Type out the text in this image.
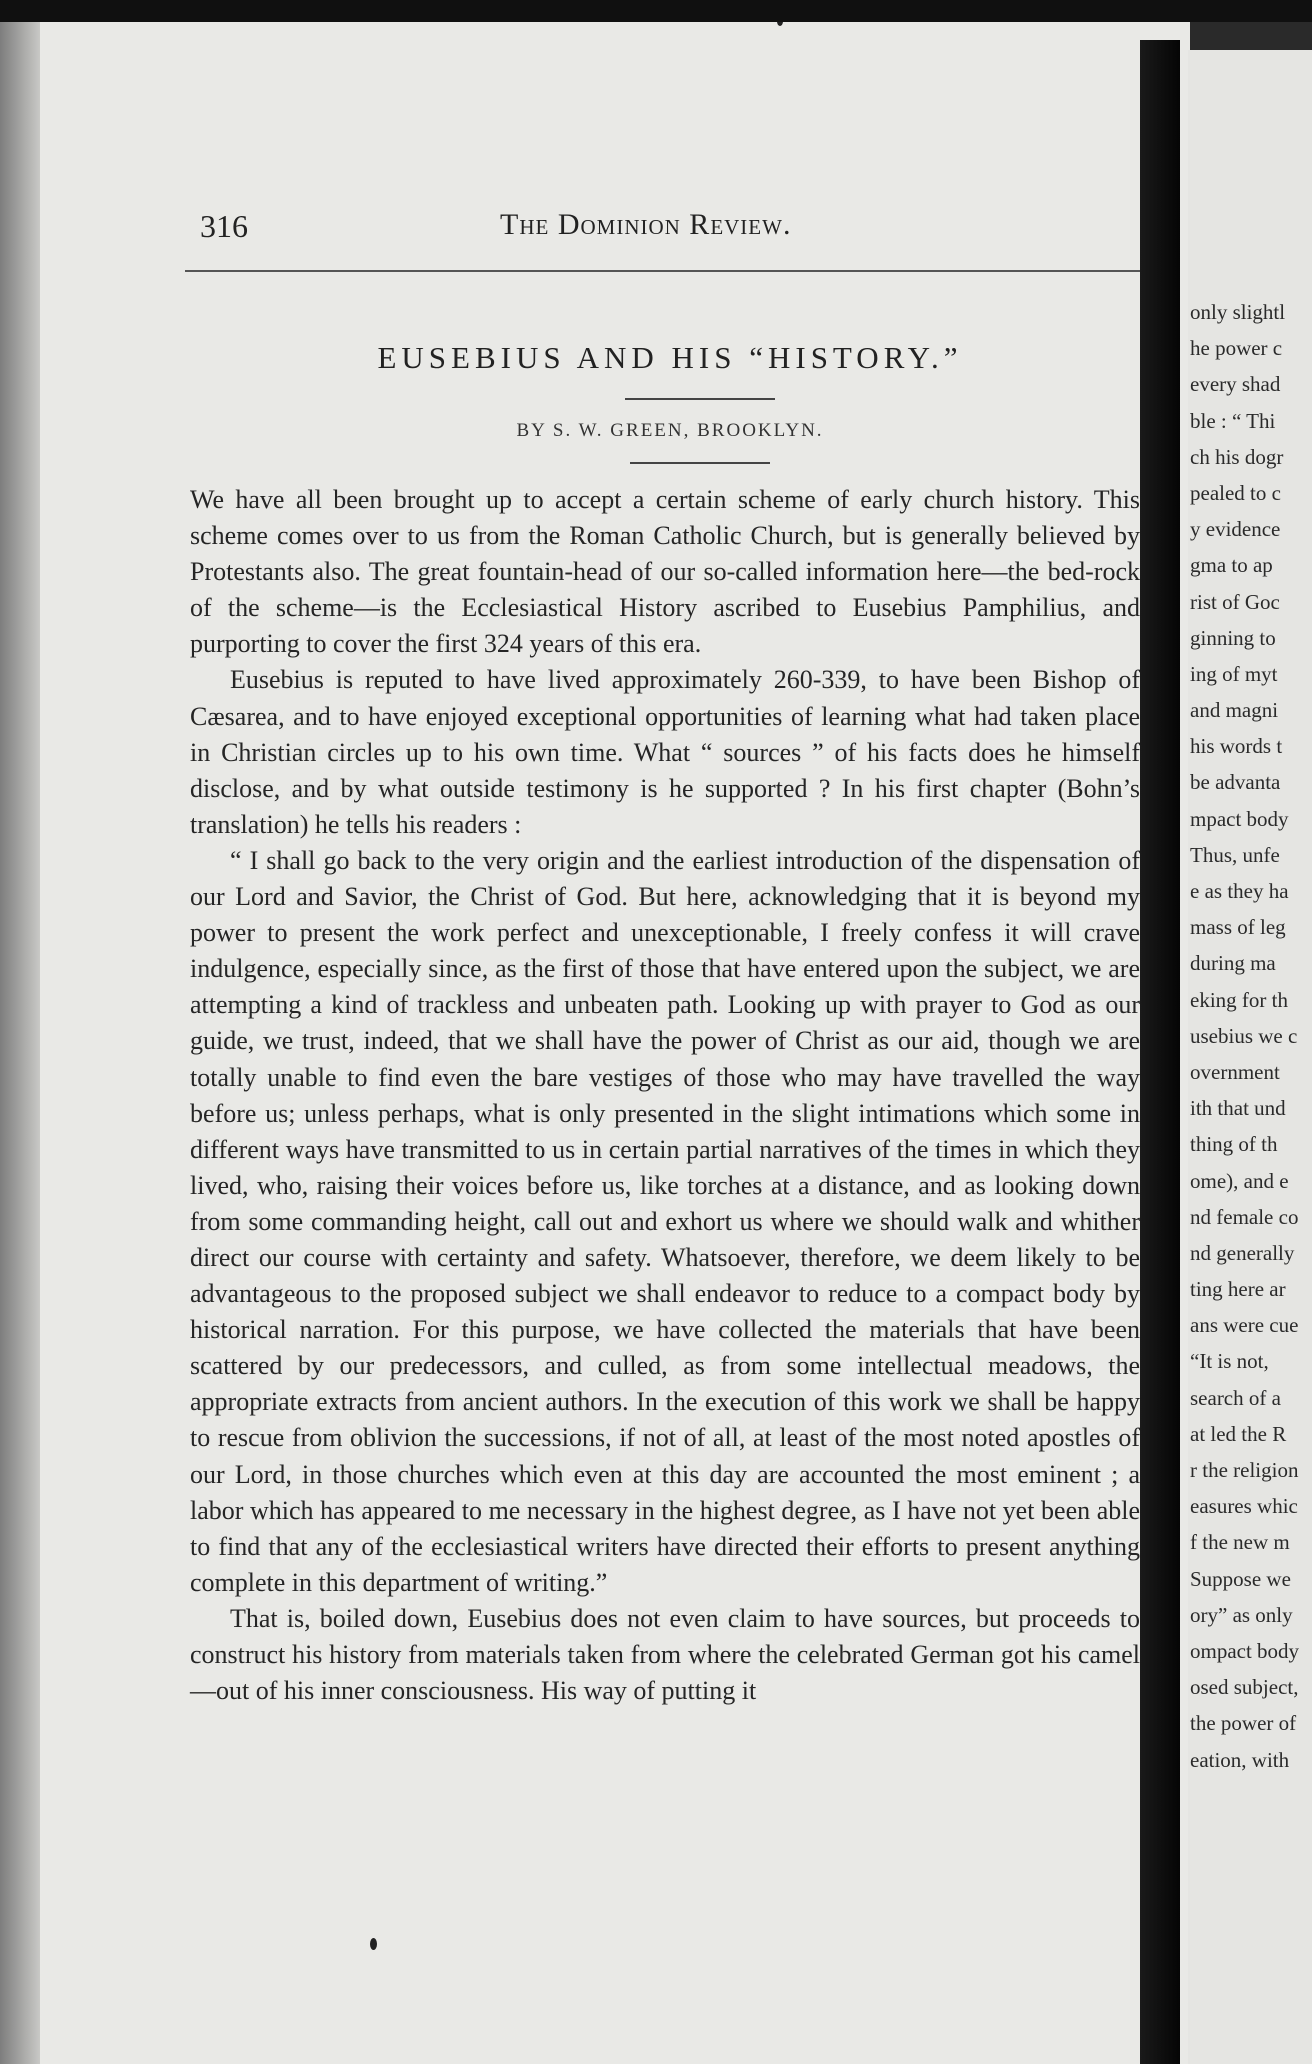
316	The Dominion Review.
EUSEBIUS AND HIS “HISTORY.”
BY S. W. GREEN, BROOKLYN.

We have all been brought up to accept a certain scheme of early church history. This scheme comes over to us from the Roman Catholic Church, but is generally believed by Protestants also. The great fountain-head of our so-called information here—the bed-rock of the scheme—is the Ecclesiastical History ascribed to Eusebius Pamphilius, and purporting to cover the first 324 years of this era.

Eusebius is reputed to have lived approximately 260-339, to have been Bishop of Cæsarea, and to have enjoyed exceptional opportunities of learning what had taken place in Christian circles up to his own time. What “ sources ” of his facts does he himself disclose, and by what outside testimony is he supported ? In his first chapter (Bohn’s translation) he tells his readers :

“ I shall go back to the very origin and the earliest introduction of the dispensation of our Lord and Savior, the Christ of God. But here, acknowledging that it is beyond my power to present the work perfect and unexceptionable, I freely confess it will crave indulgence, especially since, as the first of those that have entered upon the subject, we are attempting a kind of trackless and unbeaten path. Looking up with prayer to God as our guide, we trust, indeed, that we shall have the power of Christ as our aid, though we are totally unable to find even the bare vestiges of those who may have travelled the way before us; unless perhaps, what is only presented in the slight intimations which some in different ways have transmitted to us in certain partial narratives of the times in which they lived, who, raising their voices before us, like torches at a distance, and as looking down from some commanding height, call out and exhort us where we should walk and whither direct our course with certainty and safety. Whatsoever, therefore, we deem likely to be advantageous to the proposed subject we shall endeavor to reduce to a compact body by historical narration. For this purpose, we have collected the materials that have been scattered by our predecessors, and culled, as from some intellectual meadows, the appropriate extracts from ancient authors. In the execution of this work we shall be happy to rescue from oblivion the successions, if not of all, at least of the most noted apostles of our Lord, in those churches which even at this day are accounted the most eminent ; a labor which has appeared to me necessary in the highest degree, as I have not yet been able to find that any of the ecclesiastical writers have directed their efforts to present anything complete in this department of writing.”

That is, boiled down, Eusebius does not even claim to have sources, but proceeds to construct his history from materials taken from where the celebrated German got his camel—out of his inner consciousness. His way of putting it

only slightl
he power c
every shad
ble : “ Thi
ch his dogr
pealed to c
y evidence
gma to ap
rist of Goc
ginning to
ing of myt
and magni
his words t
be advanta
mpact body
Thus, unfe
e as they ha
mass of leg
during ma
eking for th
usebius we c
overnment
ith that und
thing of th
ome), and e
nd female co
nd generally
ting here ar
ans were cue
“It is not,
search of a
at led the R
r the religion
easures whic
f the new m
Suppose we
ory” as only
ompact body
osed subject,
the power of
eation, with
